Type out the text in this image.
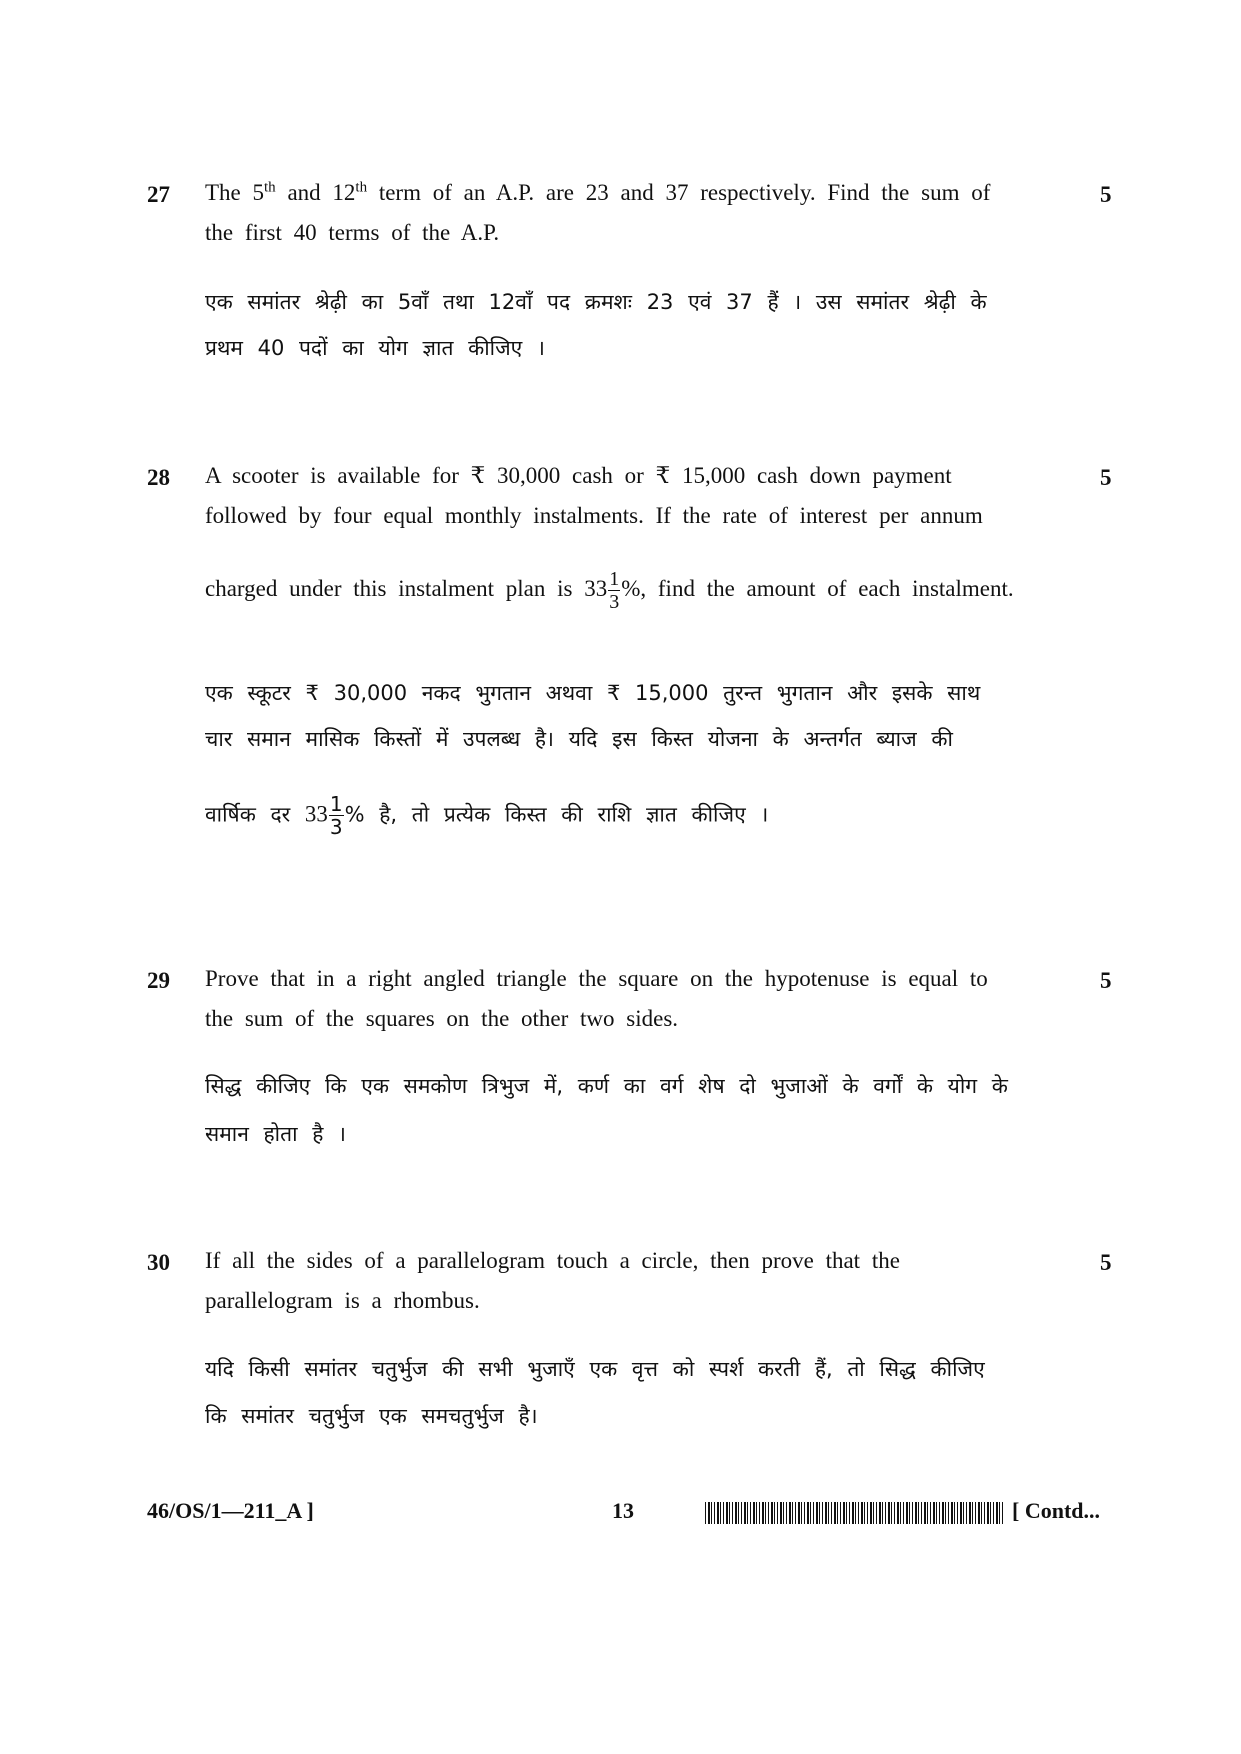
27	5
The 5th and 12th term of an A.P. are 23 and 37 respectively. Find the sum of
the first 40 terms of the A.P.
एक समांतर श्रेढ़ी का 5वाँ तथा 12वाँ पद क्रमशः 23 एवं 37 हैं । उस समांतर श्रेढ़ी के
प्रथम 40 पदों का योग ज्ञात कीजिए ।
28	5
A scooter is available for ₹ 30,000 cash or ₹ 15,000 cash down payment
followed by four equal monthly instalments. If the rate of interest per annum
charged under this instalment plan is $33 \frac{1}{3}$ %, find the amount of each instalment.
एक स्कूटर ₹ 30,000 नकद भुगतान अथवा ₹ 15,000 तुरन्त भुगतान और इसके साथ
चार समान मासिक किस्तों में उपलब्ध है। यदि इस किस्त योजना के अन्तर्गत ब्याज की
वार्षिक दर $33 \frac{1}{3}$ % है, तो प्रत्येक किस्त की राशि ज्ञात कीजिए ।
29	5
Prove that in a right angled triangle the square on the hypotenuse is equal to
the sum of the squares on the other two sides.
सिद्ध कीजिए कि एक समकोण त्रिभुज में, कर्ण का वर्ग शेष दो भुजाओं के वर्गों के योग के
समान होता है ।
30	5
If all the sides of a parallelogram touch a circle, then prove that the
parallelogram is a rhombus.
यदि किसी समांतर चतुर्भुज की सभी भुजाएँ एक वृत्त को स्पर्श करती हैं, तो सिद्ध कीजिए
कि समांतर चतुर्भुज एक समचतुर्भुज है।
46/OS/1—211_A ]	13	[ Contd...
